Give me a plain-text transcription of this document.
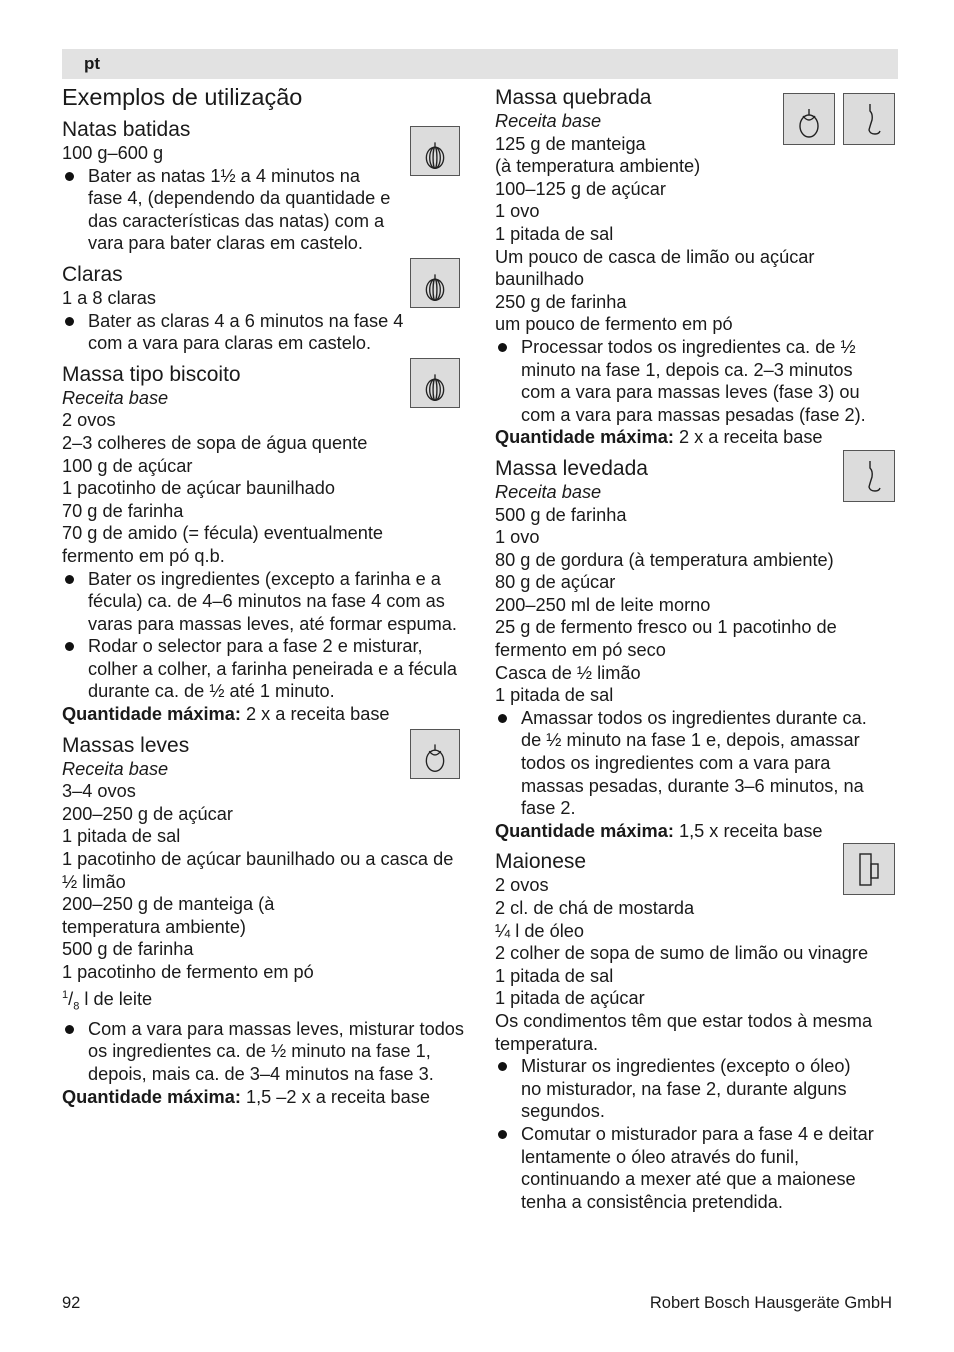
pt
Exemplos de utilização
Natas batidas

100 g–600 g

Bater as natas 1½ a 4 minutos na fase 4, (dependendo da quantidade e das características das natas) com a vara para bater claras em castelo.
Claras

1 a 8 claras

Bater as claras 4 a 6 minutos na fase 4 com a vara para claras em castelo.
Massa tipo biscoito
Receita base

2 ovos

2–3 colheres de sopa de água quente

100 g de açúcar

1 pacotinho de açúcar baunilhado

70 g de farinha

70 g de amido (= fécula) eventualmente fermento em pó q.b.

Bater os ingredientes (excepto a farinha e a fécula) ca. de 4–6 minutos na fase 4 com as varas para massas leves, até formar espuma.
Rodar o selector para a fase 2 e misturar, colher a colher, a farinha peneirada e a fécula durante ca. de ½ até 1 minuto.
Quantidade máxima: 2 x a receita base
Massas leves
Receita base

3–4 ovos

200–250 g de açúcar

1 pitada de sal

1 pacotinho de açúcar baunilhado ou a casca de ½ limão

200–250 g de manteiga (à temperatura ambiente)

500 g de farinha

1 pacotinho de fermento em pó

$^1/_8$ l de leite

Com a vara para massas leves, misturar todos os ingredientes ca. de ½ minuto na fase 1, depois, mais ca. de 3–4 minutos na fase 3.
Quantidade máxima: 1,5 –2 x a receita base
Massa quebrada
Receita base

125 g de manteiga

(à temperatura ambiente)

100–125 g de açúcar

1 ovo

1 pitada de sal

Um pouco de casca de limão ou açúcar baunilhado

250 g de farinha

um pouco de fermento em pó

Processar todos os ingredientes ca. de ½ minuto na fase 1, depois ca. 2–3 minutos com a vara para massas leves (fase 3) ou com a vara para massas pesadas (fase 2).
Quantidade máxima: 2 x a receita base
Massa levedada
Receita base

500 g de farinha

1 ovo

80 g de gordura (à temperatura ambiente)

80 g de açúcar

200–250 ml de leite morno

25 g de fermento fresco ou 1 pacotinho de fermento em pó seco

Casca de ½ limão

1 pitada de sal

Amassar todos os ingredientes durante ca. de ½ minuto na fase 1 e, depois, amassar todos os ingredientes com a vara para massas pesadas, durante 3–6 minutos, na fase 2.
Quantidade máxima: 1,5 x receita base
Maionese

2 ovos

2 cl. de chá de mostarda

¼ l de óleo

2 colher de sopa de sumo de limão ou vinagre

1 pitada de sal

1 pitada de açúcar

Os condimentos têm que estar todos à mesma temperatura.

Misturar os ingredientes (excepto o óleo) no misturador, na fase 2, durante alguns segundos.
Comutar o misturador para a fase 4 e deitar lentamente o óleo através do funil, continuando a mexer até que a maionese tenha a consistência pretendida.
92	Robert Bosch Hausgeräte GmbH
